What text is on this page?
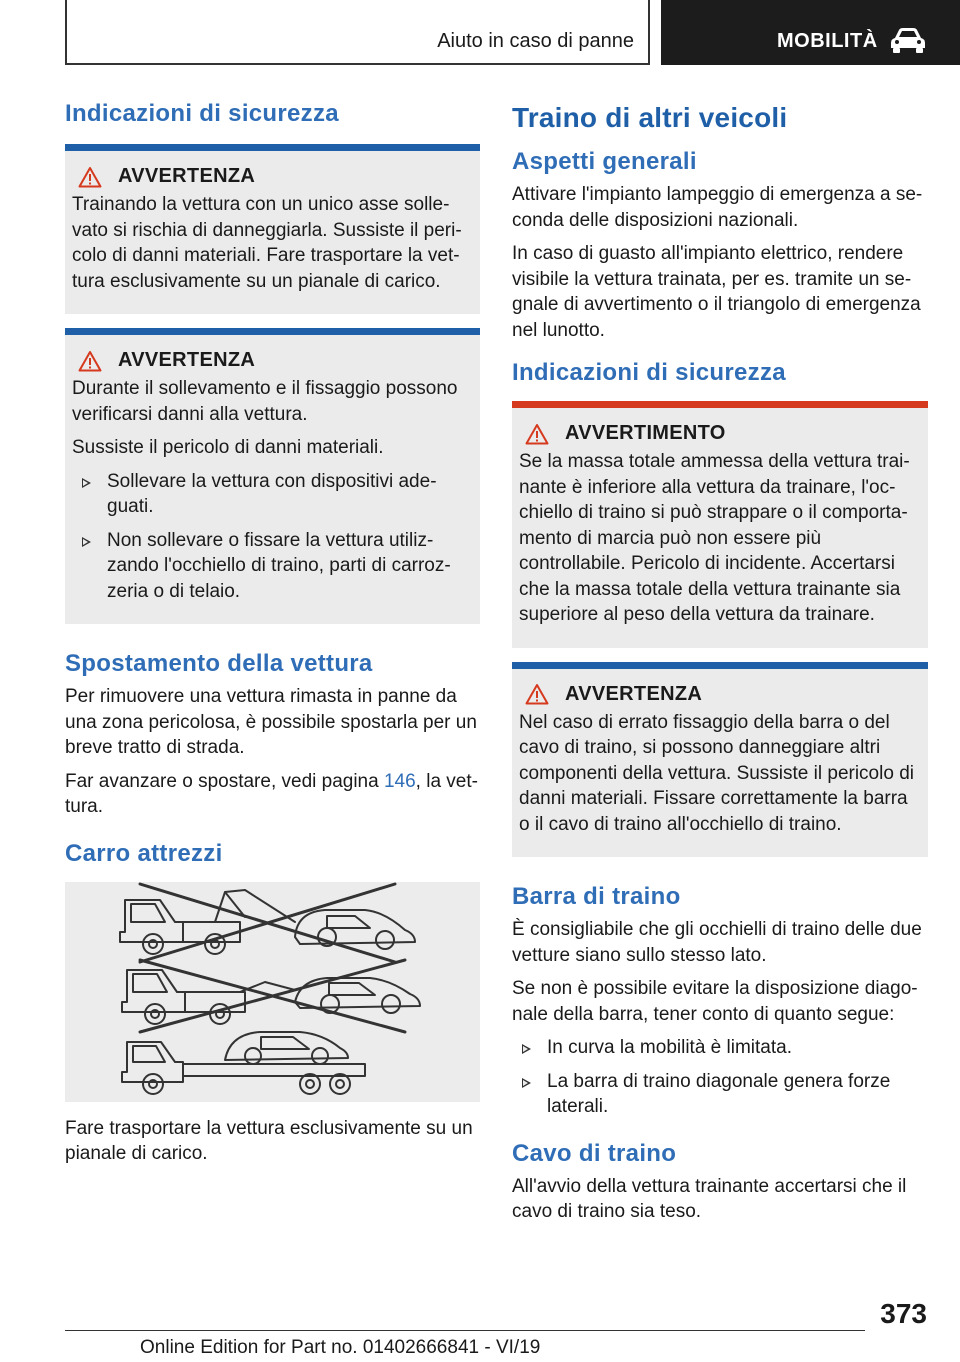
Aiuto in caso di panne	MOBILITÀ
Indicazioni di sicurezza
AVVERTENZA

Trainando la vettura con un unico asse sollevato si rischia di danneggiarla. Sussiste il pericolo di danni materiali. Fare trasportare la vettura esclusivamente su un pianale di carico.

AVVERTENZA

Durante il sollevamento e il fissaggio possono verificarsi danni alla vettura.

Sussiste il pericolo di danni materiali.

Sollevare la vettura con dispositivi adeguati.
Non sollevare o fissare la vettura utilizzando l'occhiello di traino, parti di carrozzeria o di telaio.
Spostamento della vettura

Per rimuovere una vettura rimasta in panne da una zona pericolosa, è possibile spostarla per un breve tratto di strada.

Far avanzare o spostare, vedi pagina 146, la vettura.

Carro attrezzi

Fare trasportare la vettura esclusivamente su un pianale di carico.

Traino di altri veicoli
Aspetti generali

Attivare l'impianto lampeggio di emergenza a seconda delle disposizioni nazionali.

In caso di guasto all'impianto elettrico, rendere visibile la vettura trainata, per es. tramite un segnale di avvertimento o il triangolo di emergenza nel lunotto.

Indicazioni di sicurezza
AVVERTIMENTO

Se la massa totale ammessa della vettura trainante è inferiore alla vettura da trainare, l'occhiello di traino si può strappare o il comportamento di marcia può non essere più controllabile. Pericolo di incidente. Accertarsi che la massa totale della vettura trainante sia superiore al peso della vettura da trainare.

AVVERTENZA

Nel caso di errato fissaggio della barra o del cavo di traino, si possono danneggiare altri componenti della vettura. Sussiste il pericolo di danni materiali. Fissare correttamente la barra o il cavo di traino all'occhiello di traino.

Barra di traino

È consigliabile che gli occhielli di traino delle due vetture siano sullo stesso lato.

Se non è possibile evitare la disposizione diagonale della barra, tener conto di quanto segue:

In curva la mobilità è limitata.
La barra di traino diagonale genera forze laterali.
Cavo di traino

All'avvio della vettura trainante accertarsi che il cavo di traino sia teso.

373
Online Edition for Part no. 01402666841 - VI/19
